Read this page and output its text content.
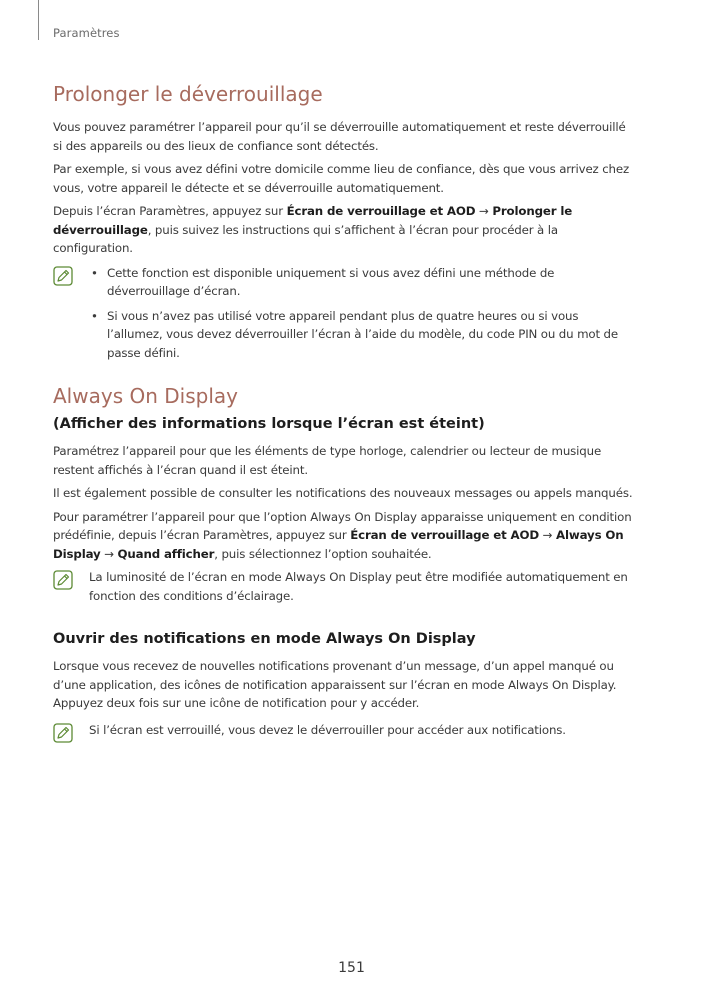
Paramètres
Prolonger le déverrouillage

Vous pouvez paramétrer l’appareil pour qu’il se déverrouille automatiquement et reste déverrouillé si des appareils ou des lieux de confiance sont détectés.

Par exemple, si vous avez défini votre domicile comme lieu de confiance, dès que vous arrivez chez vous, votre appareil le détecte et se déverrouille automatiquement.

Depuis l’écran Paramètres, appuyez sur Écran de verrouillage et AOD → Prolonger le déverrouillage, puis suivez les instructions qui s’affichent à l’écran pour procéder à la configuration.

• Cette fonction est disponible uniquement si vous avez défini une méthode de déverrouillage d’écran.
• Si vous n’avez pas utilisé votre appareil pendant plus de quatre heures ou si vous l’allumez, vous devez déverrouiller l’écran à l’aide du modèle, du code PIN ou du mot de passe défini.
Always On Display
(Afficher des informations lorsque l’écran est éteint)

Paramétrez l’appareil pour que les éléments de type horloge, calendrier ou lecteur de musique restent affichés à l’écran quand il est éteint.

Il est également possible de consulter les notifications des nouveaux messages ou appels manqués.

Pour paramétrer l’appareil pour que l’option Always On Display apparaisse uniquement en condition prédéfinie, depuis l’écran Paramètres, appuyez sur Écran de verrouillage et AOD → Always On Display → Quand afficher, puis sélectionnez l’option souhaitée.

La luminosité de l’écran en mode Always On Display peut être modifiée automatiquement en fonction des conditions d’éclairage.

Ouvrir des notifications en mode Always On Display

Lorsque vous recevez de nouvelles notifications provenant d’un message, d’un appel manqué ou d’une application, des icônes de notification apparaissent sur l’écran en mode Always On Display. Appuyez deux fois sur une icône de notification pour y accéder.

Si l’écran est verrouillé, vous devez le déverrouiller pour accéder aux notifications.

151
